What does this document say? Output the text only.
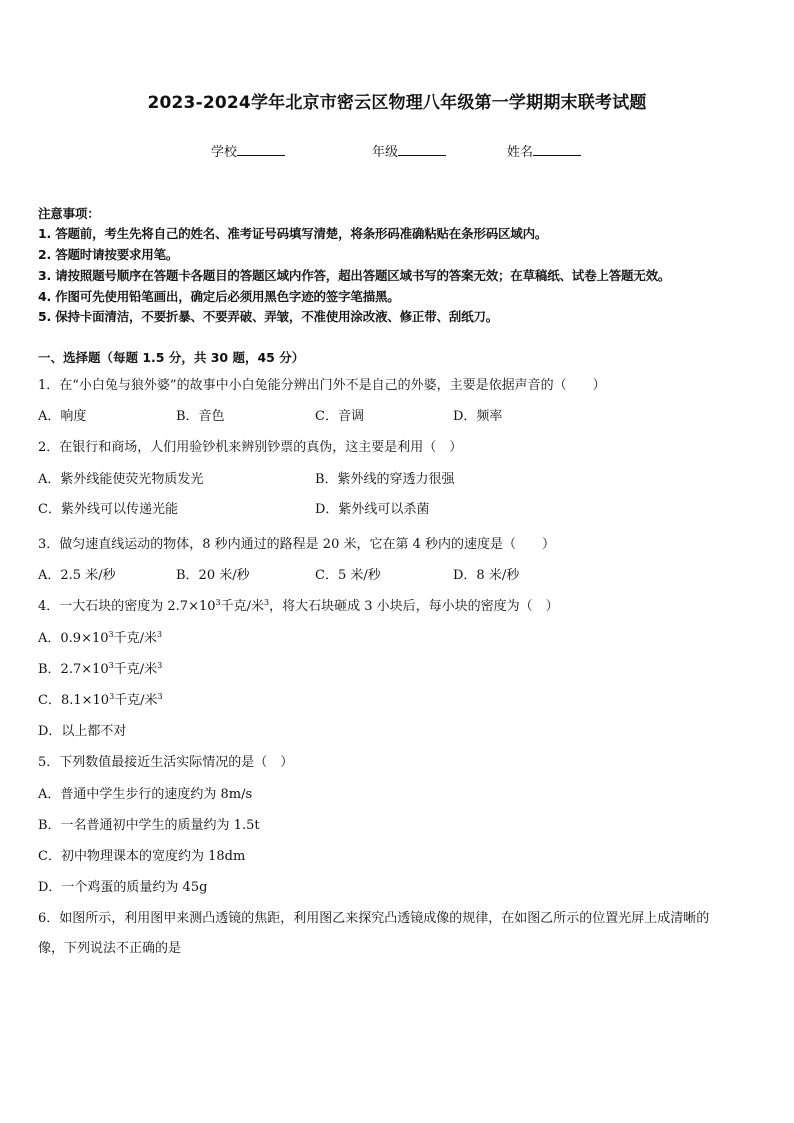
2023-2024学年北京市密云区物理八年级第一学期期末联考试题
学校	年级	姓名
注意事项：
1. 答题前，考生先将自己的姓名、准考证号码填写清楚，将条形码准确粘贴在条形码区域内。
2. 答题时请按要求用笔。
3. 请按照题号顺序在答题卡各题目的答题区域内作答，超出答题区域书写的答案无效；在草稿纸、试卷上答题无效。
4. 作图可先使用铅笔画出，确定后必须用黑色字迹的签字笔描黑。
5. 保持卡面清洁，不要折暴、不要弄破、弄皱，不准使用涂改液、修正带、刮纸刀。
一、选择题（每题 1.5 分，共 30 题，45 分）
1．在“小白兔与狼外婆”的故事中小白兔能分辨出门外不是自己的外婆，主要是依据声音的（　　）
A．响度	B．音色	C．音调	D．频率
2．在银行和商场，人们用验钞机来辨别钞票的真伪，这主要是利用（　）
A．紫外线能使荧光物质发光	B．紫外线的穿透力很强
C．紫外线可以传递光能	D．紫外线可以杀菌
3．做匀速直线运动的物体，8 秒内通过的路程是 20 米，它在第 4 秒内的速度是（　　）
A．2.5 米/秒	B．20 米/秒	C．5 米/秒	D．8 米/秒
4．一大石块的密度为 $2.7\times 10^3$千克/米$^3$，将大石块砸成 3 小块后，每小块的密度为（　）
A．$0.9\times 10^3$千克/米$^3$
B．$2.7\times 10^3$千克/米$^3$
C．$8.1\times 10^3$千克/米$^3$
D．以上都不对
5．下列数值最接近生活实际情况的是（　）
A．普通中学生步行的速度约为 8m/s
B．一名普通初中学生的质量约为 1.5t
C．初中物理课本的宽度约为 18dm
D．一个鸡蛋的质量约为 45g
6．如图所示，利用图甲来测凸透镜的焦距，利用图乙来探究凸透镜成像的规律，在如图乙所示的位置光屏上成清晰的
像，下列说法不正确的是
